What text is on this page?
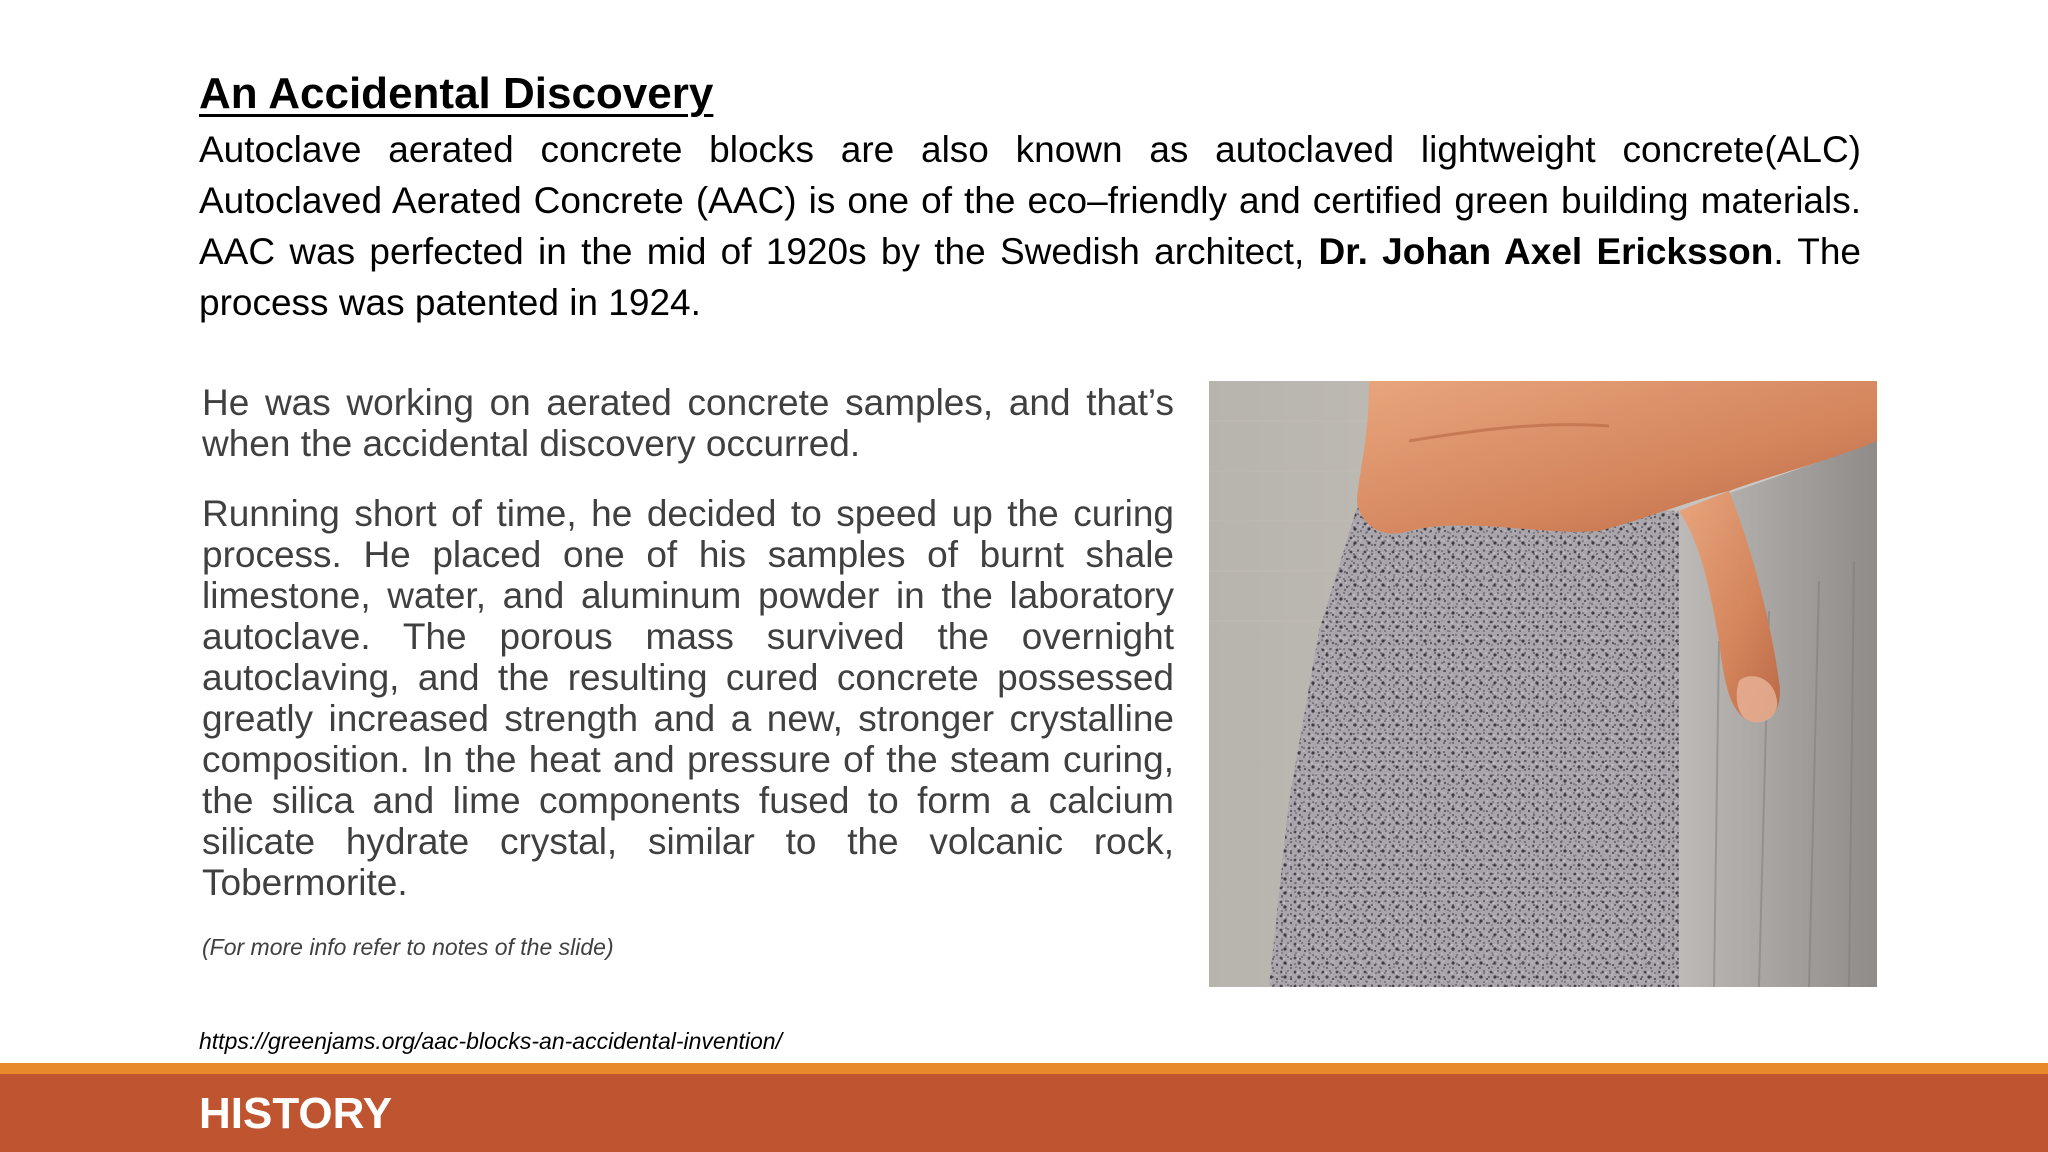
An Accidental Discovery

Autoclave aerated concrete blocks are also known as autoclaved lightweight concrete(ALC) Autoclaved Aerated Concrete (AAC) is one of the eco–friendly and certified green building materials. AAC was perfected in the mid of 1920s by the Swedish architect, Dr. Johan Axel Ericksson. The process was patented in 1924.

He was working on aerated concrete samples, and that’s when the accidental discovery occurred.

Running short of time, he decided to speed up the curing process. He placed one of his samples of burnt shale limestone, water, and aluminum powder in the laboratory autoclave. The porous mass survived the overnight autoclaving, and the resulting cured concrete possessed greatly increased strength and a new, stronger crystalline composition. In the heat and pressure of the steam curing, the silica and lime components fused to form a calcium silicate hydrate crystal, similar to the volcanic rock, Tobermorite.

(For more info refer to notes of the slide)

https://greenjams.org/aac-blocks-an-accidental-invention/

HISTORY
